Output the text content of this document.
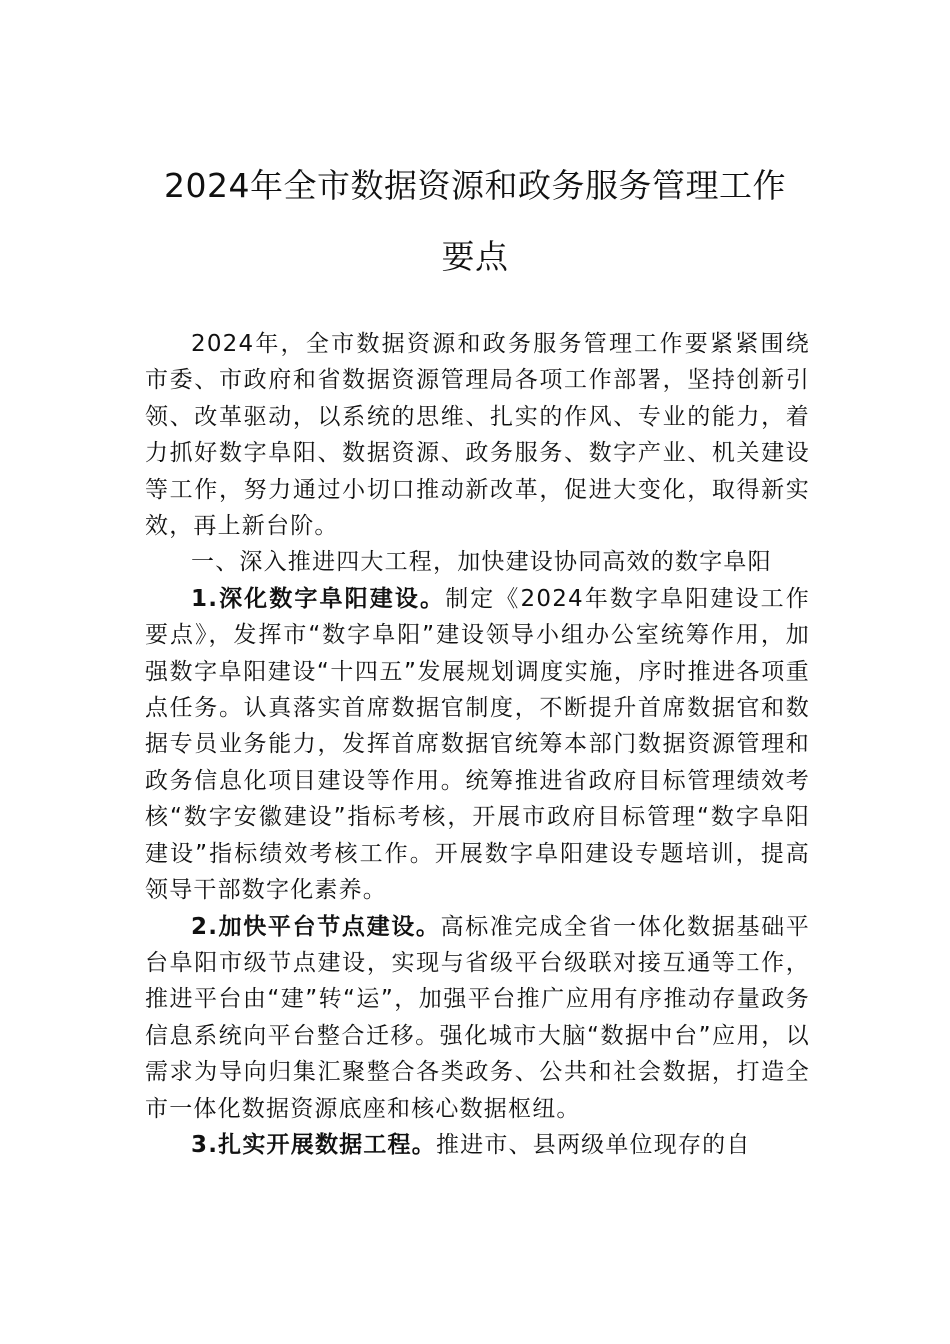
2024年全市数据资源和政务服务管理工作
要点

2024年，全市数据资源和政务服务管理工作要紧紧围绕市委、市政府和省数据资源管理局各项工作部署，坚持创新引领、改革驱动，以系统的思维、扎实的作风、专业的能力，着力抓好数字阜阳、数据资源、政务服务、数字产业、机关建设等工作，努力通过小切口推动新改革，促进大变化，取得新实效，再上新台阶。

一、深入推进四大工程，加快建设协同高效的数字阜阳

1.深化数字阜阳建设。制定《2024年数字阜阳建设工作要点》，发挥市“数字阜阳”建设领导小组办公室统筹作用，加强数字阜阳建设“十四五”发展规划调度实施，序时推进各项重点任务。认真落实首席数据官制度，不断提升首席数据官和数据专员业务能力，发挥首席数据官统筹本部门数据资源管理和政务信息化项目建设等作用。统筹推进省政府目标管理绩效考核“数字安徽建设”指标考核，开展市政府目标管理“数字阜阳建设”指标绩效考核工作。开展数字阜阳建设专题培训，提高领导干部数字化素养。

2.加快平台节点建设。高标准完成全省一体化数据基础平台阜阳市级节点建设，实现与省级平台级联对接互通等工作，推进平台由“建”转“运”，加强平台推广应用有序推动存量政务信息系统向平台整合迁移。强化城市大脑“数据中台”应用，以需求为导向归集汇聚整合各类政务、公共和社会数据，打造全市一体化数据资源底座和核心数据枢纽。

3.扎实开展数据工程。推进市、县两级单位现存的自
